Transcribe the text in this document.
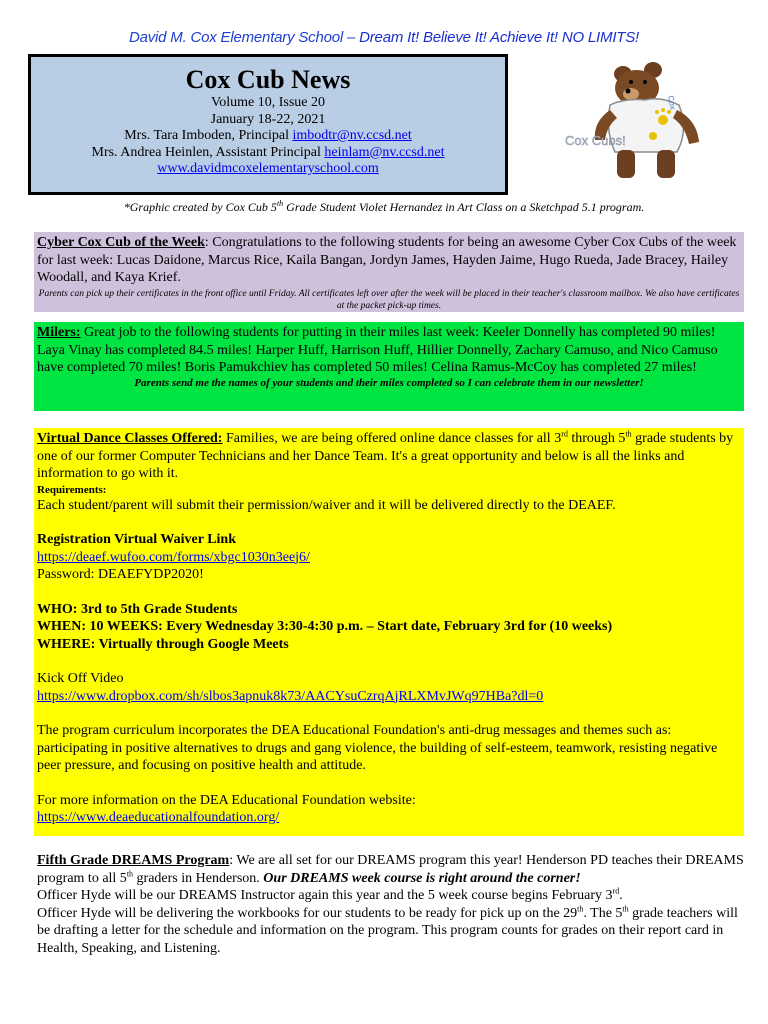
David M. Cox Elementary School – Dream It! Believe It! Achieve It! NO LIMITS!
Cox Cub News
Volume 10, Issue 20
January 18-22, 2021
Mrs. Tara Imboden, Principal imbodtr@nv.ccsd.net
Mrs. Andrea Heinlen, Assistant Principal heinlam@nv.ccsd.net
www.davidmcoxelementaryschool.com
Cox
Cox Cubs!
*Graphic created by Cox Cub 5th Grade Student Violet Hernandez in Art Class on a Sketchpad 5.1 program.
Cyber Cox Cub of the Week: Congratulations to the following students for being an awesome Cyber Cox Cubs of the week for last week: Lucas Daidone, Marcus Rice, Kaila Bangan, Jordyn James, Hayden Jaime, Hugo Rueda, Jade Bracey, Hailey Woodall, and Kaya Krief.
Parents can pick up their certificates in the front office until Friday. All certificates left over after the week will be placed in their teacher's classroom mailbox. We also have certificates at the packet pick-up times.
Milers: Great job to the following students for putting in their miles last week: Keeler Donnelly has completed 90 miles! Laya Vinay has completed 84.5 miles! Harper Huff, Harrison Huff, Hillier Donnelly, Zachary Camuso, and Nico Camuso have completed 70 miles! Boris Pamukchiev has completed 50 miles! Celina Ramus-McCoy has completed 27 miles!
Parents send me the names of your students and their miles completed so I can celebrate them in our newsletter!
Virtual Dance Classes Offered: Families, we are being offered online dance classes for all 3rd through 5th grade students by one of our former Computer Technicians and her Dance Team. It's a great opportunity and below is all the links and information to go with it.
Requirements:
Each student/parent will submit their permission/waiver and it will be delivered directly to the DEAEF.
Registration Virtual Waiver Link
https://deaef.wufoo.com/forms/xbgc1030n3eej6/
Password: DEAEFYDP2020!
WHO: 3rd to 5th Grade Students
WHEN: 10 WEEKS: Every Wednesday 3:30-4:30 p.m. – Start date, February 3rd for (10 weeks)
WHERE: Virtually through Google Meets
Kick Off Video
https://www.dropbox.com/sh/slbos3apnuk8k73/AACYsuCzrqAjRLXMvJWq97HBa?dl=0
The program curriculum incorporates the DEA Educational Foundation's anti-drug messages and themes such as: participating in positive alternatives to drugs and gang violence, the building of self-esteem, teamwork, resisting negative peer pressure, and focusing on positive health and attitude.
For more information on the DEA Educational Foundation website:
https://www.deaeducationalfoundation.org/
Fifth Grade DREAMS Program: We are all set for our DREAMS program this year! Henderson PD teaches their DREAMS program to all 5th graders in Henderson. Our DREAMS week course is right around the corner!
Officer Hyde will be our DREAMS Instructor again this year and the 5 week course begins February 3rd.
Officer Hyde will be delivering the workbooks for our students to be ready for pick up on the 29th. The 5th grade teachers will be drafting a letter for the schedule and information on the program. This program counts for grades on their report card in Health, Speaking, and Listening.
